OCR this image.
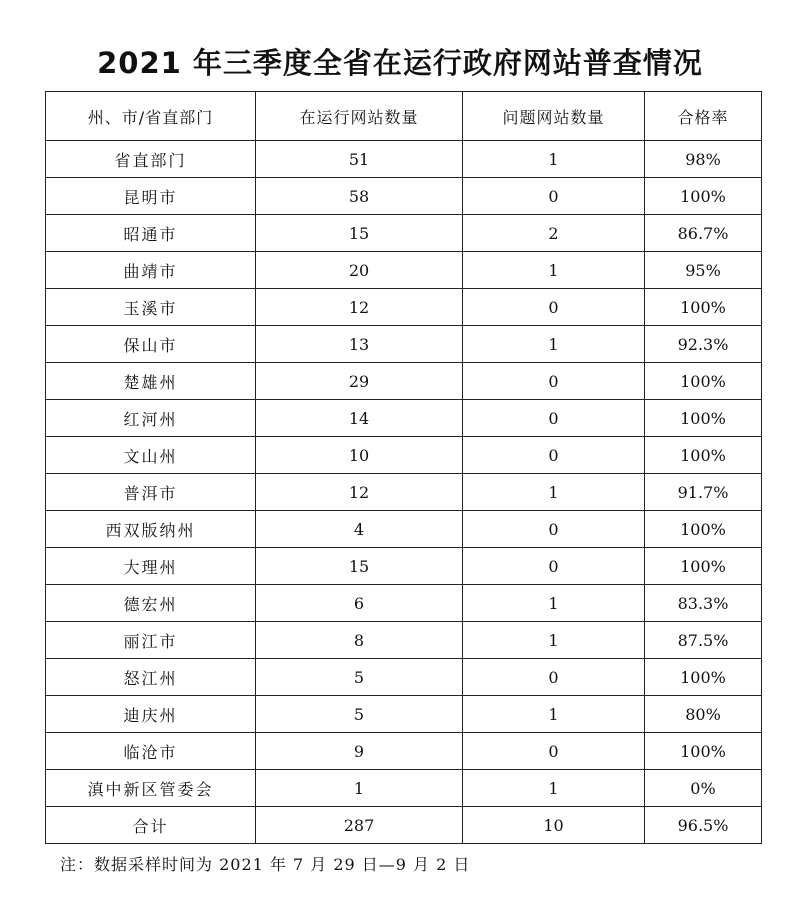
2021 年三季度全省在运行政府网站普查情况
州、市/省直部门	在运行网站数量	问题网站数量	合格率
省直部门	51	1	98%
昆明市	58	0	100%
昭通市	15	2	86.7%
曲靖市	20	1	95%
玉溪市	12	0	100%
保山市	13	1	92.3%
楚雄州	29	0	100%
红河州	14	0	100%
文山州	10	0	100%
普洱市	12	1	91.7%
西双版纳州	4	0	100%
大理州	15	0	100%
德宏州	6	1	83.3%
丽江市	8	1	87.5%
怒江州	5	0	100%
迪庆州	5	1	80%
临沧市	9	0	100%
滇中新区管委会	1	1	0%
合计	287	10	96.5%
注：数据采样时间为 2021 年 7 月 29 日—9 月 2 日
